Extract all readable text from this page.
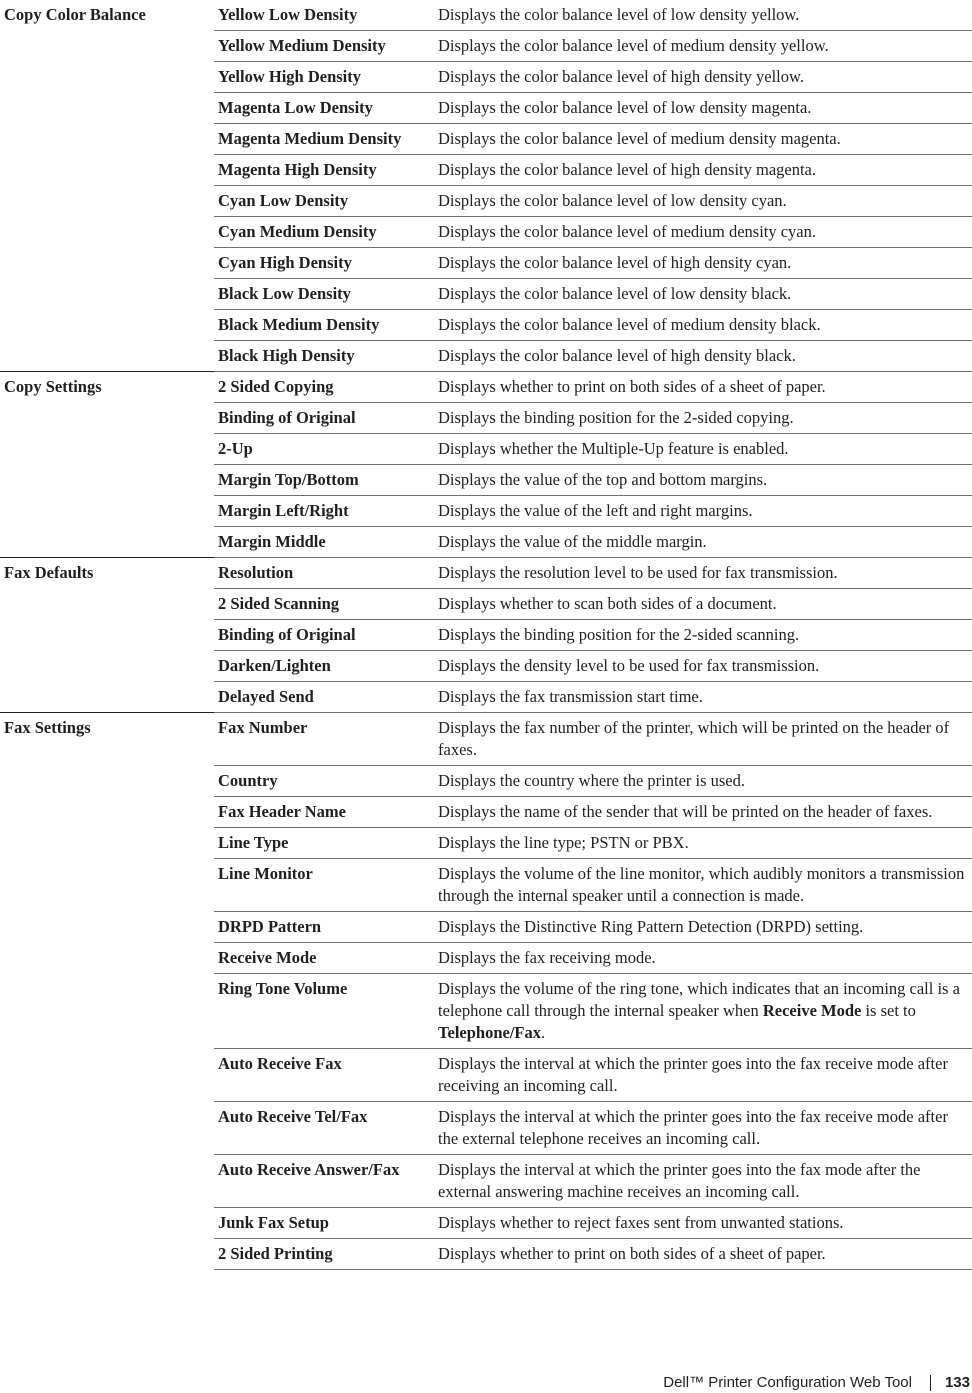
Copy Color Balance	Yellow Low Density	Displays the color balance level of low density yellow.
	Yellow Medium Density	Displays the color balance level of medium density yellow.
	Yellow High Density	Displays the color balance level of high density yellow.
	Magenta Low Density	Displays the color balance level of low density magenta.
	Magenta Medium Density	Displays the color balance level of medium density magenta.
	Magenta High Density	Displays the color balance level of high density magenta.
	Cyan Low Density	Displays the color balance level of low density cyan.
	Cyan Medium Density	Displays the color balance level of medium density cyan.
	Cyan High Density	Displays the color balance level of high density cyan.
	Black Low Density	Displays the color balance level of low density black.
	Black Medium Density	Displays the color balance level of medium density black.
	Black High Density	Displays the color balance level of high density black.
Copy Settings	2 Sided Copying	Displays whether to print on both sides of a sheet of paper.
	Binding of Original	Displays the binding position for the 2-sided copying.
	2-Up	Displays whether the Multiple-Up feature is enabled.
	Margin Top/Bottom	Displays the value of the top and bottom margins.
	Margin Left/Right	Displays the value of the left and right margins.
	Margin Middle	Displays the value of the middle margin.
Fax Defaults	Resolution	Displays the resolution level to be used for fax transmission.
	2 Sided Scanning	Displays whether to scan both sides of a document.
	Binding of Original	Displays the binding position for the 2-sided scanning.
	Darken/Lighten	Displays the density level to be used for fax transmission.
	Delayed Send	Displays the fax transmission start time.
Fax Settings	Fax Number	Displays the fax number of the printer, which will be printed on the header of faxes.
	Country	Displays the country where the printer is used.
	Fax Header Name	Displays the name of the sender that will be printed on the header of faxes.
	Line Type	Displays the line type; PSTN or PBX.
	Line Monitor	Displays the volume of the line monitor, which audibly monitors a transmission through the internal speaker until a connection is made.
	DRPD Pattern	Displays the Distinctive Ring Pattern Detection (DRPD) setting.
	Receive Mode	Displays the fax receiving mode.
	Ring Tone Volume	Displays the volume of the ring tone, which indicates that an incoming call is a telephone call through the internal speaker when Receive Mode is set to Telephone/Fax.
	Auto Receive Fax	Displays the interval at which the printer goes into the fax receive mode after receiving an incoming call.
	Auto Receive Tel/Fax	Displays the interval at which the printer goes into the fax receive mode after the external telephone receives an incoming call.
	Auto Receive Answer/Fax	Displays the interval at which the printer goes into the fax mode after the external answering machine receives an incoming call.
	Junk Fax Setup	Displays whether to reject faxes sent from unwanted stations.
	2 Sided Printing	Displays whether to print on both sides of a sheet of paper.
Dell™ Printer Configuration Web Tool 133
